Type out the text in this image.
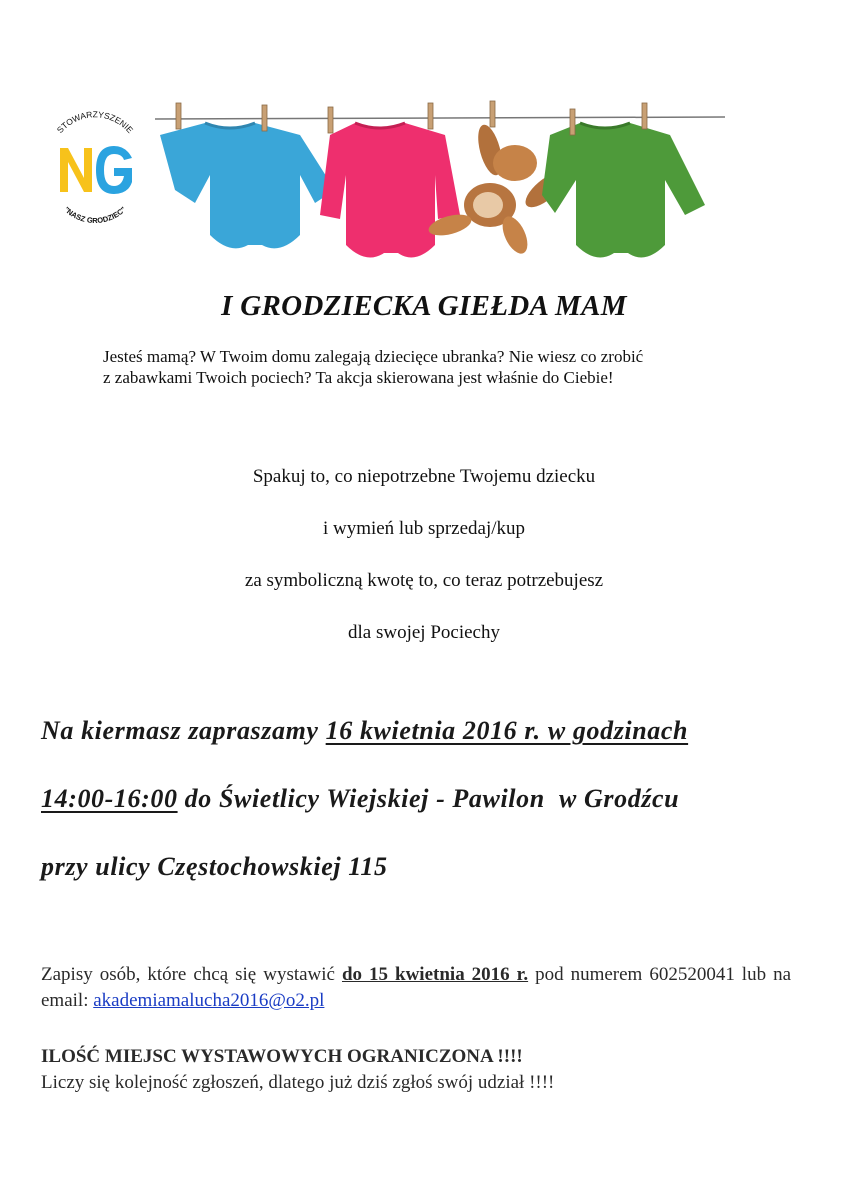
STOWARZYSZENIE
"NASZ GRODZIEC"
I GRODZIECKA GIEŁDA MAM
Jesteś mamą? W Twoim domu zalegają dziecięce ubranka? Nie wiesz co zrobić
z zabawkami Twoich pociech? Ta akcja skierowana jest właśnie do Ciebie!
Spakuj to, co niepotrzebne Twojemu dziecku
i wymień lub sprzedaj/kup
za symboliczną kwotę to, co teraz potrzebujesz
dla swojej Pociechy
Na kiermasz zapraszamy 16 kwietnia 2016 r. w godzinach
14:00-16:00 do Świetlicy Wiejskiej - Pawilon  w Grodźcu
przy ulicy Częstochowskiej 115
Zapisy osób, które chcą się wystawić do 15 kwietnia 2016 r. pod numerem 602520041 lub na email: akademiamalucha2016@o2.pl
ILOŚĆ MIEJSC WYSTAWOWYCH OGRANICZONA !!!!
Liczy się kolejność zgłoszeń, dlatego już dziś zgłoś swój udział !!!!
